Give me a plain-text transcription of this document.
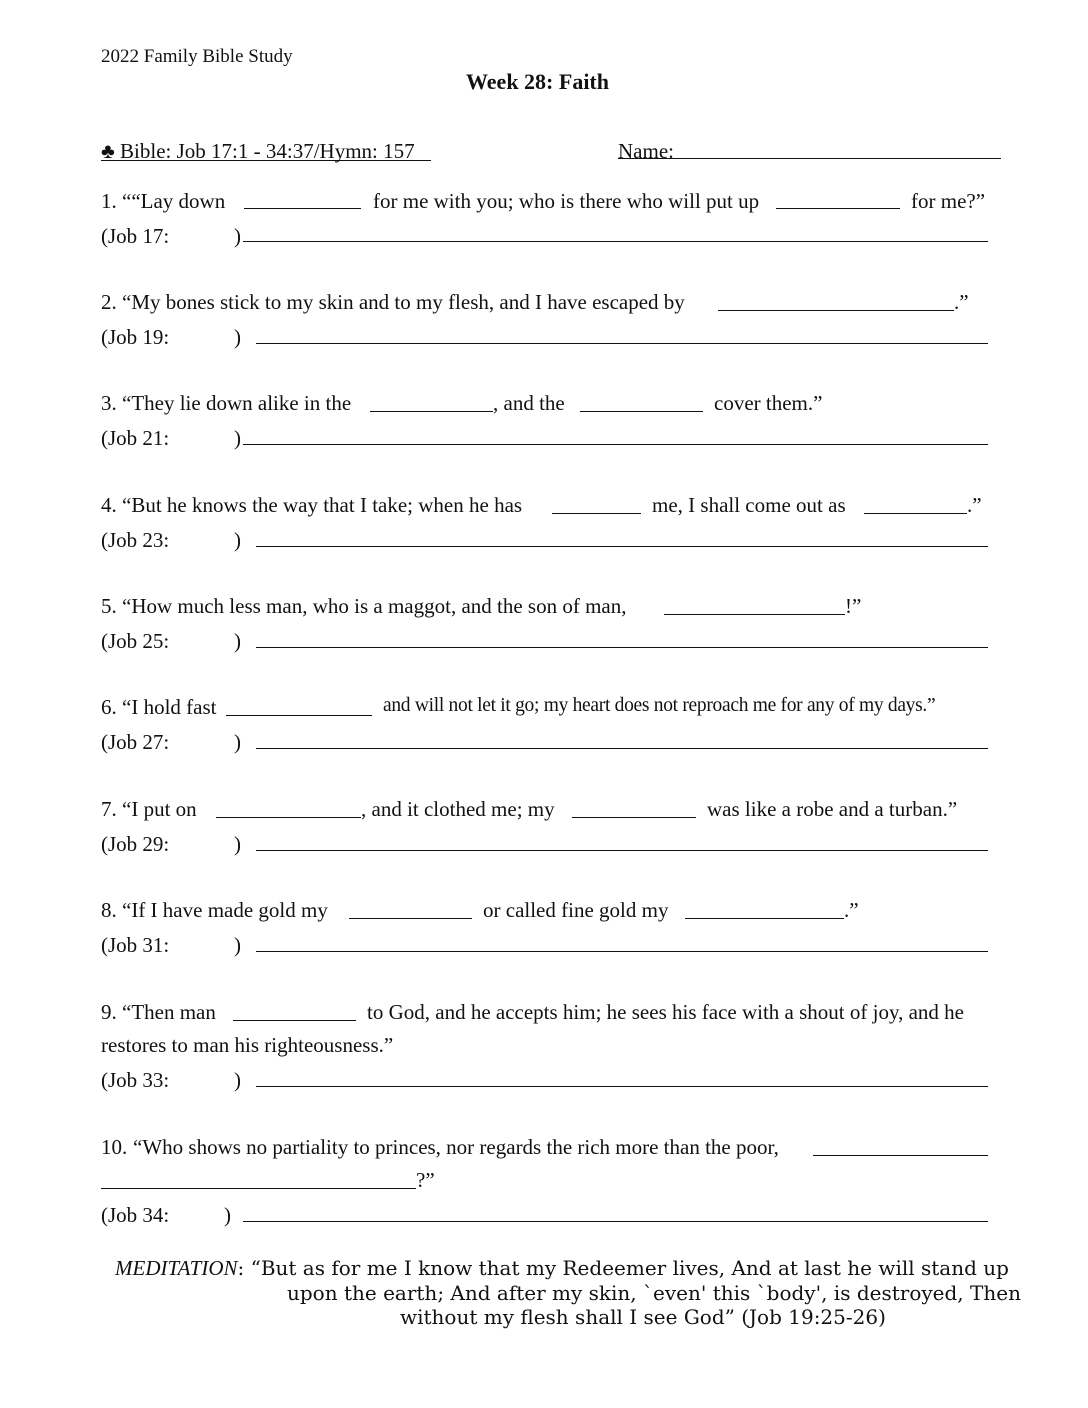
2022 Family Bible Study
Week 28: Faith
♣ Bible: Job 17:1 - 34:37/Hymn: 157	Name:
1. ““Lay down	for me with you; who is there who will put up	for me?”
(Job 17:	)
2. “My bones stick to my skin and to my flesh, and I have escaped by	.”
(Job 19:	)
3. “They lie down alike in the	, and the	cover them.”
(Job 21:	)
4. “But he knows the way that I take; when he has	me, I shall come out as	.”
(Job 23:	)
5. “How much less man, who is a maggot, and the son of man,	!”
(Job 25:	)
6. “I hold fast	and will not let it go; my heart does not reproach me for any of my days.”
(Job 27:	)
7. “I put on	, and it clothed me; my	was like a robe and a turban.”
(Job 29:	)
8. “If I have made gold my	or called fine gold my	.”
(Job 31:	)
9. “Then man	to God, and he accepts him; he sees his face with a shout of joy, and he
restores to man his righteousness.”
(Job 33:	)
10. “Who shows no partiality to princes, nor regards the rich more than the poor,
?”
(Job 34:	)
MEDITATION: “But as for me I know that my Redeemer lives, And at last he will stand up
upon the earth; And after my skin, `even' this `body', is destroyed, Then
without my flesh shall I see God” (Job 19:25-26)
